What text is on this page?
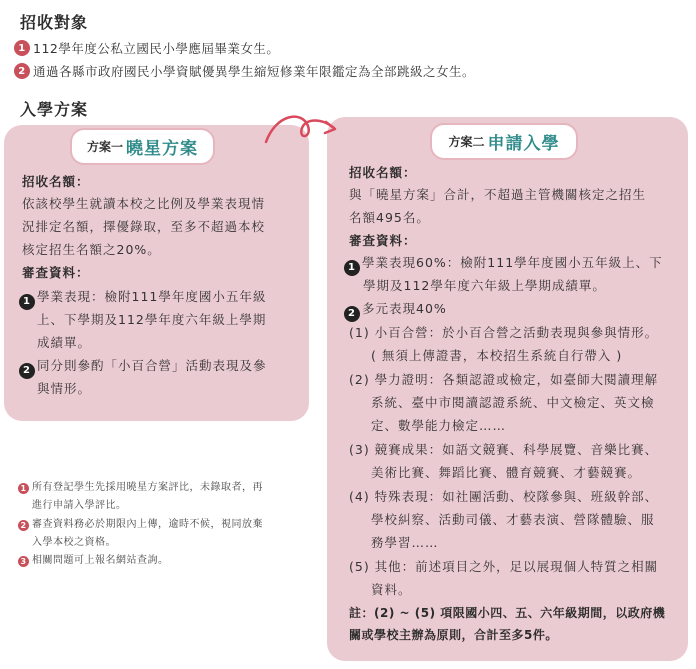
招收對象
1 112學年度公私立國民小學應屆畢業女生。
2 通過各縣市政府國民小學資賦優異學生縮短修業年限鑑定為全部跳級之女生。
入學方案
方案一 曉星方案	方案二 申請入學
招收名額：
依該校學生就讀本校之比例及學業表現情
況排定名額，擇優錄取，至多不超過本校
核定招生名額之20%。
審查資料：
1 學業表現：檢附111學年度國小五年級
上、下學期及112學年度六年級上學期
成績單。
2 同分則參酌「小百合營」活動表現及參
與情形。
1 所有登記學生先採用曉星方案評比，未錄取者，再
進行申請入學評比。
2 審查資料務必於期限內上傳，逾時不候，視同放棄
入學本校之資格。
3 相關問題可上報名網站查詢。
招收名額：
與「曉星方案」合計，不超過主管機關核定之招生
名額495名。
審查資料：
1 學業表現60%：檢附111學年度國小五年級上、下
學期及112學年度六年級上學期成績單。
2 多元表現40%
(1) 小百合營：於小百合營之活動表現與參與情形。
( 無須上傳證書，本校招生系統自行帶入 )
(2) 學力證明：各類認證或檢定，如臺師大閱讀理解
系統、臺中市閱讀認證系統、中文檢定、英文檢
定、數學能力檢定……
(3) 競賽成果：如語文競賽、科學展覽、音樂比賽、
美術比賽、舞蹈比賽、體育競賽、才藝競賽。
(4) 特殊表現：如社團活動、校隊參與、班級幹部、
學校糾察、活動司儀、才藝表演、營隊體驗、服
務學習……
(5) 其他：前述項目之外，足以展現個人特質之相關
資料。
註：(2) ~ (5) 項限國小四、五、六年級期間，以政府機
關或學校主辦為原則，合計至多5件。
